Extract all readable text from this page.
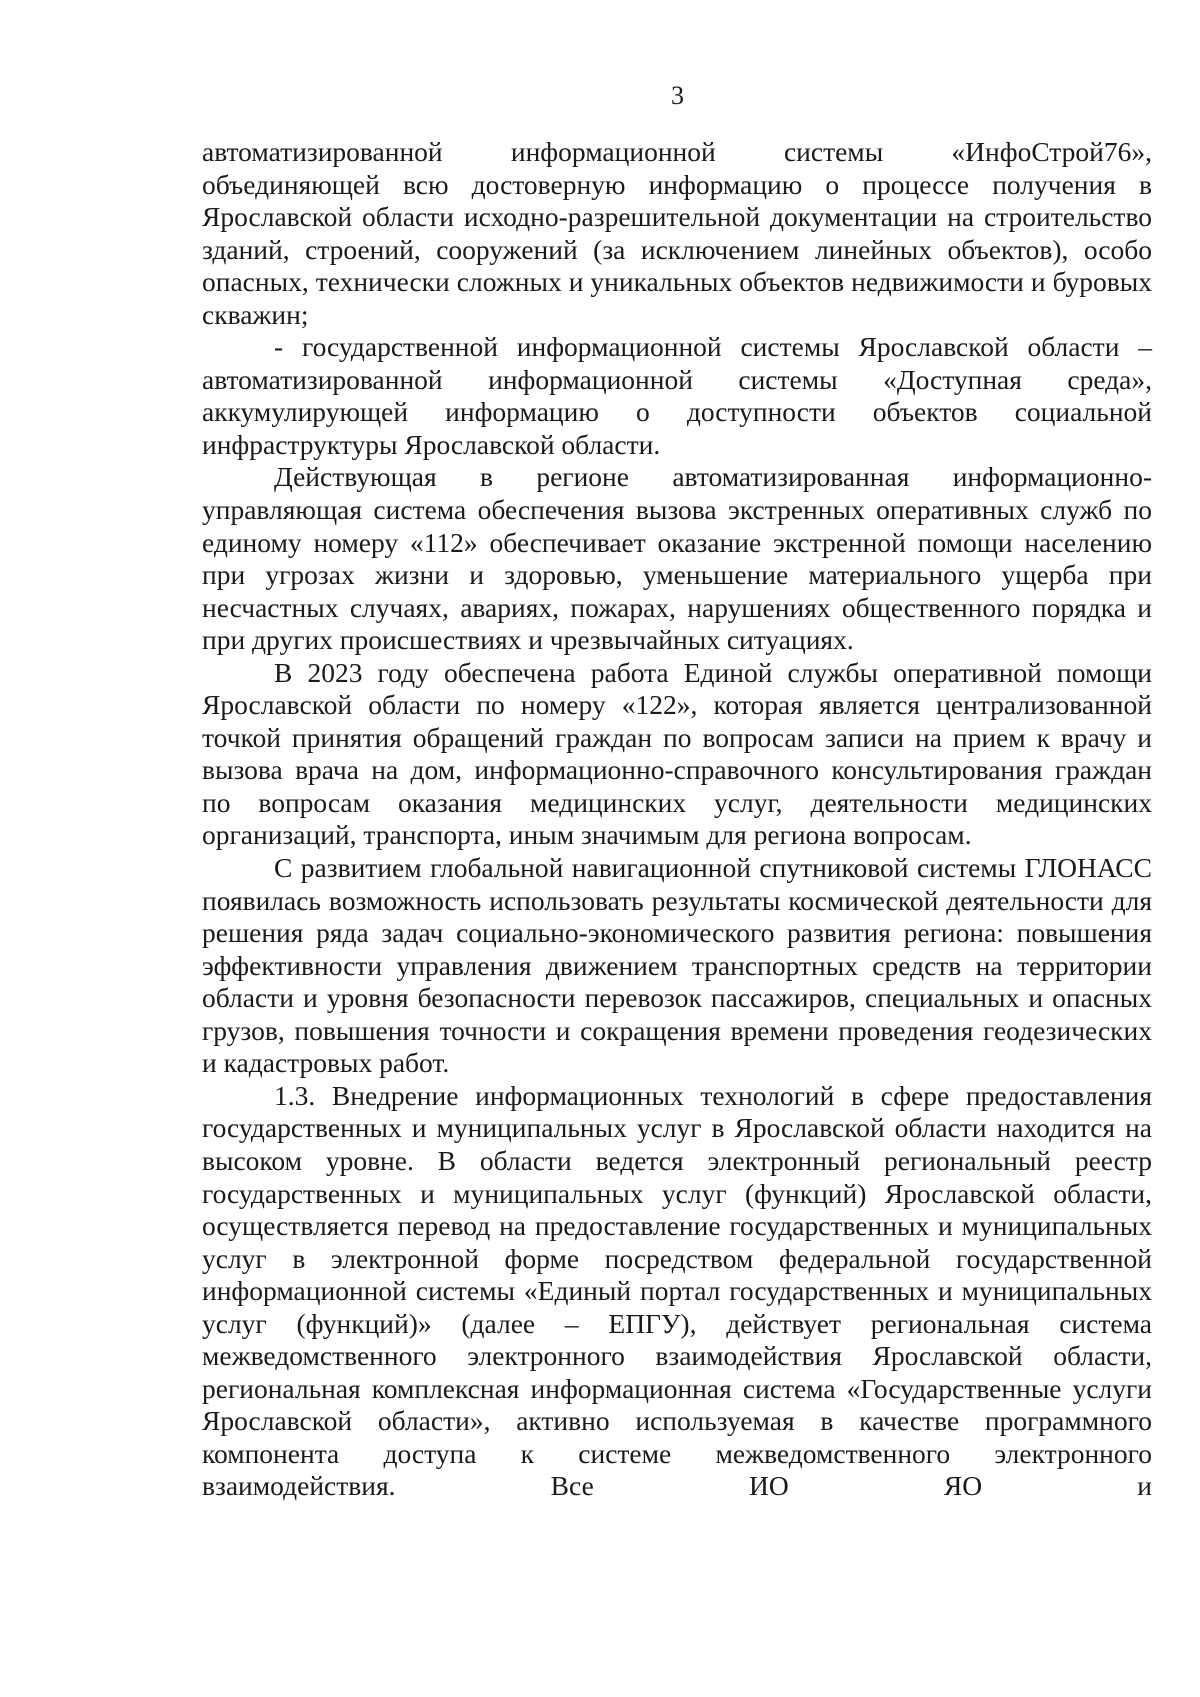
3

автоматизированной информационной системы «ИнфоСтрой76», объединяющей всю достоверную информацию о процессе получения в Ярославской области исходно-разрешительной документации на строительство зданий, строений, сооружений (за исключением линейных объектов), особо опасных, технически сложных и уникальных объектов недвижимости и буровых скважин;

- государственной информационной системы Ярославской области – автоматизированной информационной системы «Доступная среда», аккумулирующей информацию о доступности объектов социальной инфраструктуры Ярославской области.

Действующая в регионе автоматизированная информационно-управляющая система обеспечения вызова экстренных оперативных служб по единому номеру «112» обеспечивает оказание экстренной помощи населению при угрозах жизни и здоровью, уменьшение материального ущерба при несчастных случаях, авариях, пожарах, нарушениях общественного порядка и при других происшествиях и чрезвычайных ситуациях.

В 2023 году обеспечена работа Единой службы оперативной помощи Ярославской области по номеру «122», которая является централизованной точкой принятия обращений граждан по вопросам записи на прием к врачу и вызова врача на дом, информационно-справочного консультирования граждан по вопросам оказания медицинских услуг, деятельности медицинских организаций, транспорта, иным значимым для региона вопросам.

С развитием глобальной навигационной спутниковой системы ГЛОНАСС появилась возможность использовать результаты космической деятельности для решения ряда задач социально-экономического развития региона: повышения эффективности управления движением транспортных средств на территории области и уровня безопасности перевозок пассажиров, специальных и опасных грузов, повышения точности и сокращения времени проведения геодезических и кадастровых работ.

1.3. Внедрение информационных технологий в сфере предоставления государственных и муниципальных услуг в Ярославской области находится на высоком уровне. В области ведется электронный региональный реестр государственных и муниципальных услуг (функций) Ярославской области, осуществляется перевод на предоставление государственных и муниципальных услуг в электронной форме посредством федеральной государственной информационной системы «Единый портал государственных и муниципальных услуг (функций)» (далее – ЕПГУ), действует региональная система межведомственного электронного взаимодействия Ярославской области, региональная комплексная информационная система «Государственные услуги Ярославской области», активно используемая в качестве программного компонента доступа к системе межведомственного электронного взаимодействия. Все ИО ЯО и
